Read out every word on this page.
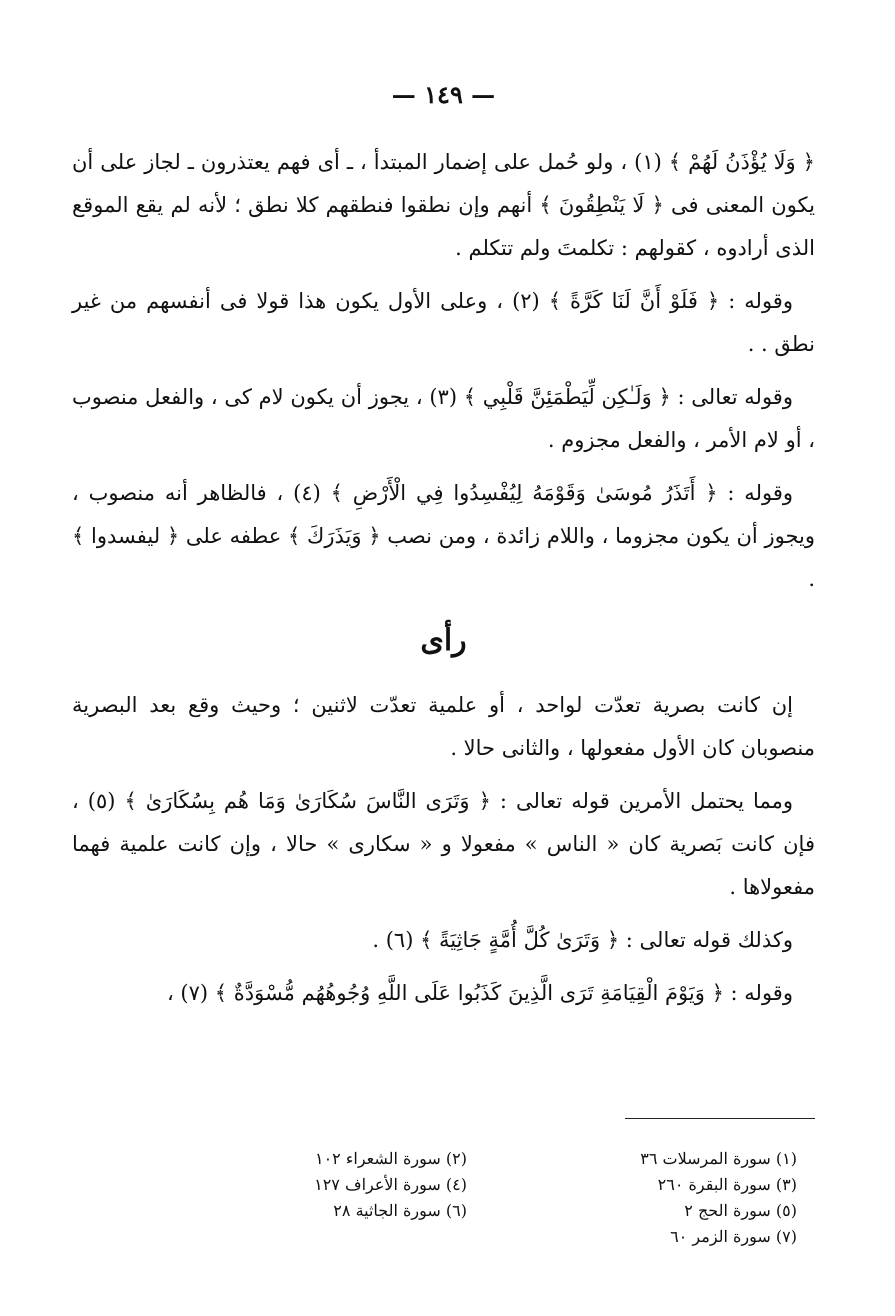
— ١٤٩ —

﴿ وَلَا يُؤْذَنُ لَهُمْ ﴾ (١) ، ولو حُمل على إضمار المبتدأ ، ـ أى فهم يعتذرون ـ لجاز على أن يكون المعنى فى ﴿ لَا يَنْطِقُونَ ﴾ أنهم وإن نطقوا فنطقهم كلا نطق ؛ لأنه لم يقع الموقع الذى أرادوه ، كقولهم : تكلمتَ ولم تتكلم .

وقوله : ﴿ فَلَوْ أَنَّ لَنَا كَرَّةً ﴾ (٢) ، وعلى الأول يكون هذا قولا فى أنفسهم من غير نطق . .

وقوله تعالى : ﴿ وَلَـٰكِن لِّيَطْمَئِنَّ قَلْبِي ﴾ (٣) ، يجوز أن يكون لام كى ، والفعل منصوب ، أو لام الأمر ، والفعل مجزوم .

وقوله : ﴿ أَتَذَرُ مُوسَىٰ وَقَوْمَهُ لِيُفْسِدُوا فِي الْأَرْضِ ﴾ (٤) ، فالظاهر أنه منصوب ، ويجوز أن يكون مجزوما ، واللام زائدة ، ومن نصب ﴿ وَيَذَرَكَ ﴾ عطفه على ﴿ ليفسدوا ﴾ .

رأى

إن كانت بصرية تعدّت لواحد ، أو علمية تعدّت لاثنين ؛ وحيث وقع بعد البصرية منصوبان كان الأول مفعولها ، والثانى حالا .

ومما يحتمل الأمرين قوله تعالى : ﴿ وَتَرَى النَّاسَ سُكَارَىٰ وَمَا هُم بِسُكَارَىٰ ﴾ (٥) ، فإن كانت بَصرية كان « الناس » مفعولا و « سكارى » حالا ، وإن كانت علمية فهما مفعولاها .

وكذلك قوله تعالى : ﴿ وَتَرَىٰ كُلَّ أُمَّةٍ جَاثِيَةً ﴾ (٦) .

وقوله : ﴿ وَيَوْمَ الْقِيَامَةِ تَرَى الَّذِينَ كَذَبُوا عَلَى اللَّهِ وُجُوهُهُم مُّسْوَدَّةٌ ﴾ (٧) ،

(١) سورة المرسلات ٣٦
(٢) سورة الشعراء ١٠٢
(٣) سورة البقرة ٢٦٠
(٤) سورة الأعراف ١٢٧
(٥) سورة الحج ٢
(٦) سورة الجاثية ٢٨
(٧) سورة الزمر ٦٠
